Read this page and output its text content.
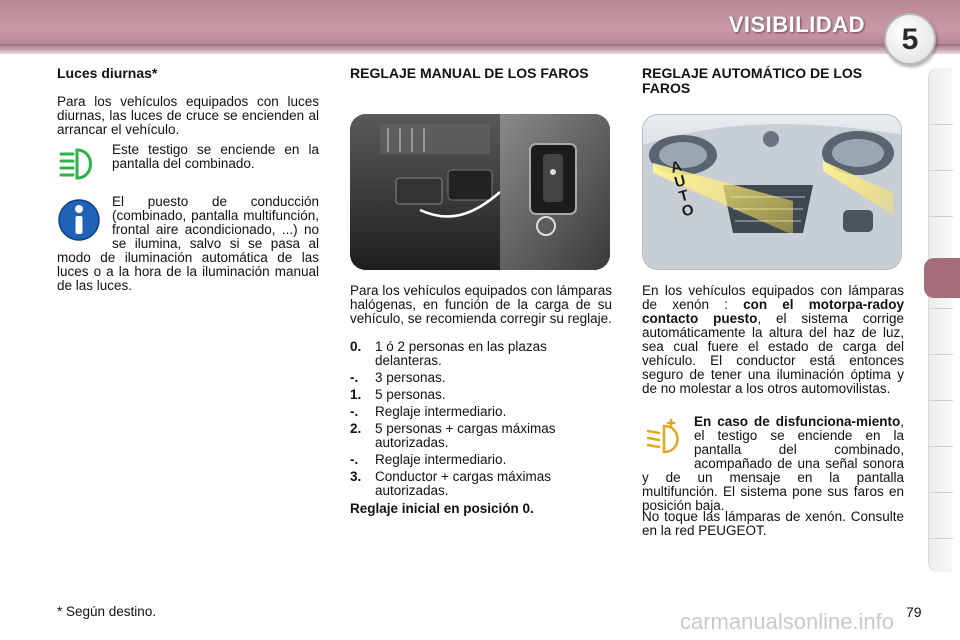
VISIBILIDAD	5
Luces diurnas*

Para los vehículos equipados con luces diurnas, las luces de cruce se encienden al arrancar el vehículo.

Este testigo se enciende en la pantalla del combinado.
El puesto de conducción (combinado, pantalla multifunción, frontal aire acondicionado, ...) no se ilumina, salvo si se pasa al modo de iluminación automática de las luces o a la hora de la iluminación manual de las luces.
REGLAJE MANUAL DE LOS FAROS
Para los vehículos equipados con lámparas halógenas, en función de la carga de su vehículo, se recomienda corregir su reglaje.
0.	1 ó 2 personas en las plazas delanteras.
-.	3 personas.
1.	5 personas.
-.	Reglaje intermediario.
2.	5 personas + cargas máximas autorizadas.
-.	Reglaje intermediario.
3.	Conductor + cargas máximas autorizadas.

Reglaje inicial en posición 0.

REGLAJE AUTOMÁTICO DE LOS FAROS
AUTO
En los vehículos equipados con lámparas de xenón : con el motorpa-radoy contacto puesto, el sistema corrige automáticamente la altura del haz de luz, sea cual fuere el estado de carga del vehículo. El conductor está entonces seguro de tener una iluminación óptima y de no molestar a los otros automovilistas.
En caso de disfunciona-miento, el testigo se enciende en la pantalla del combinado, acompañado de una señal sonora y de un mensaje en la pantalla multifunción. El sistema pone sus faros en posición baja.
No toque las lámparas de xenón. Consulte en la red PEUGEOT.
* Según destino.	carmanualsonline.info 79
